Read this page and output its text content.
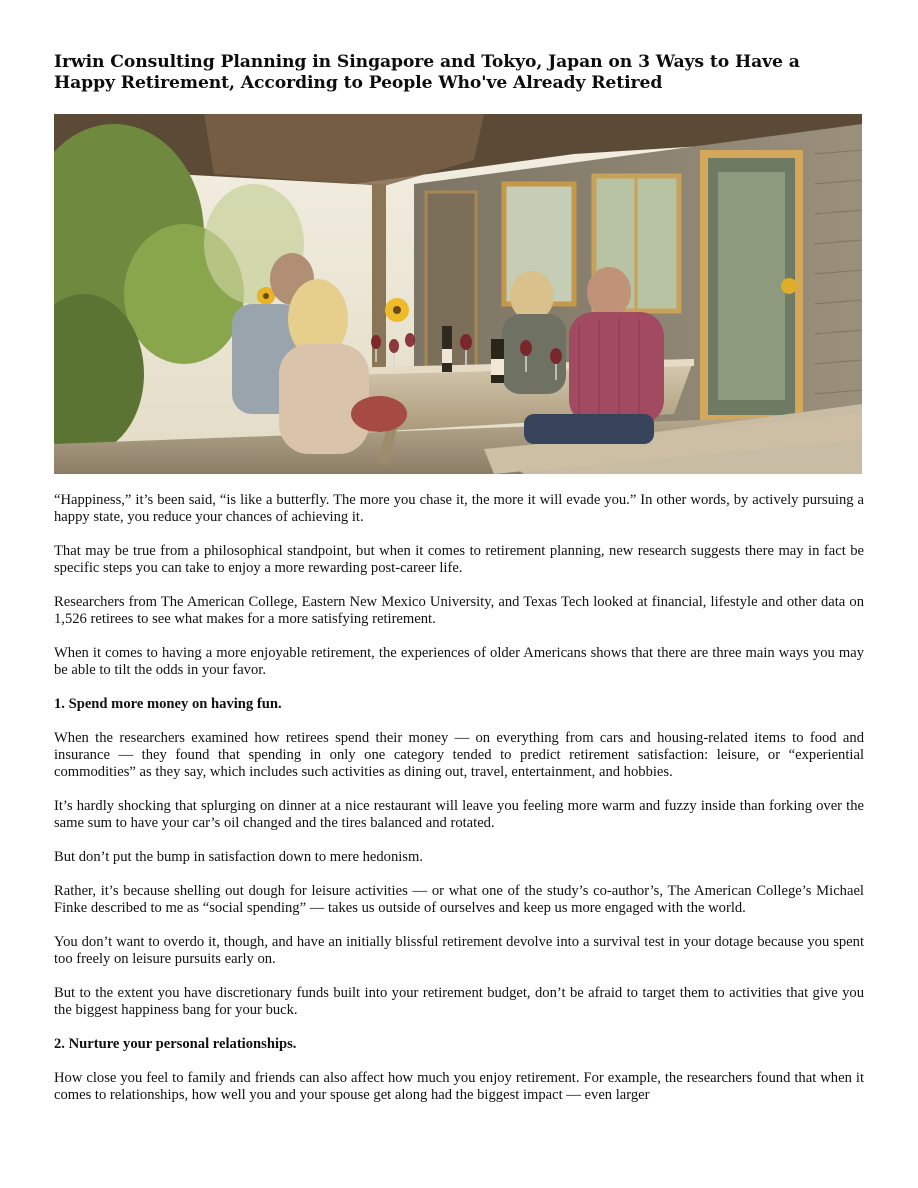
Irwin Consulting Planning in Singapore and Tokyo, Japan on 3 Ways to Have a Happy Retirement, According to People Who've Already Retired

“Happiness,” it’s been said, “is like a butterfly. The more you chase it, the more it will evade you.” In other words, by actively pursuing a happy state, you reduce your chances of achieving it.

That may be true from a philosophical standpoint, but when it comes to retirement planning, new research suggests there may in fact be specific steps you can take to enjoy a more rewarding post-career life.

Researchers from The American College, Eastern New Mexico University, and Texas Tech looked at financial, lifestyle and other data on 1,526 retirees to see what makes for a more satisfying retirement.

When it comes to having a more enjoyable retirement, the experiences of older Americans shows that there are three main ways you may be able to tilt the odds in your favor.

1. Spend more money on having fun.

When the researchers examined how retirees spend their money — on everything from cars and housing-related items to food and insurance — they found that spending in only one category tended to predict retirement satisfaction: leisure, or “experiential commodities” as they say, which includes such activities as dining out, travel, entertainment, and hobbies.

It’s hardly shocking that splurging on dinner at a nice restaurant will leave you feeling more warm and fuzzy inside than forking over the same sum to have your car’s oil changed and the tires balanced and rotated.

But don’t put the bump in satisfaction down to mere hedonism.

Rather, it’s because shelling out dough for leisure activities — or what one of the study’s co-author’s, The American College’s Michael Finke described to me as “social spending” — takes us outside of ourselves and keep us more engaged with the world.

You don’t want to overdo it, though, and have an initially blissful retirement devolve into a survival test in your dotage because you spent too freely on leisure pursuits early on.

But to the extent you have discretionary funds built into your retirement budget, don’t be afraid to target them to activities that give you the biggest happiness bang for your buck.

2. Nurture your personal relationships.

How close you feel to family and friends can also affect how much you enjoy retirement. For example, the researchers found that when it comes to relationships, how well you and your spouse get along had the biggest impact — even larger
